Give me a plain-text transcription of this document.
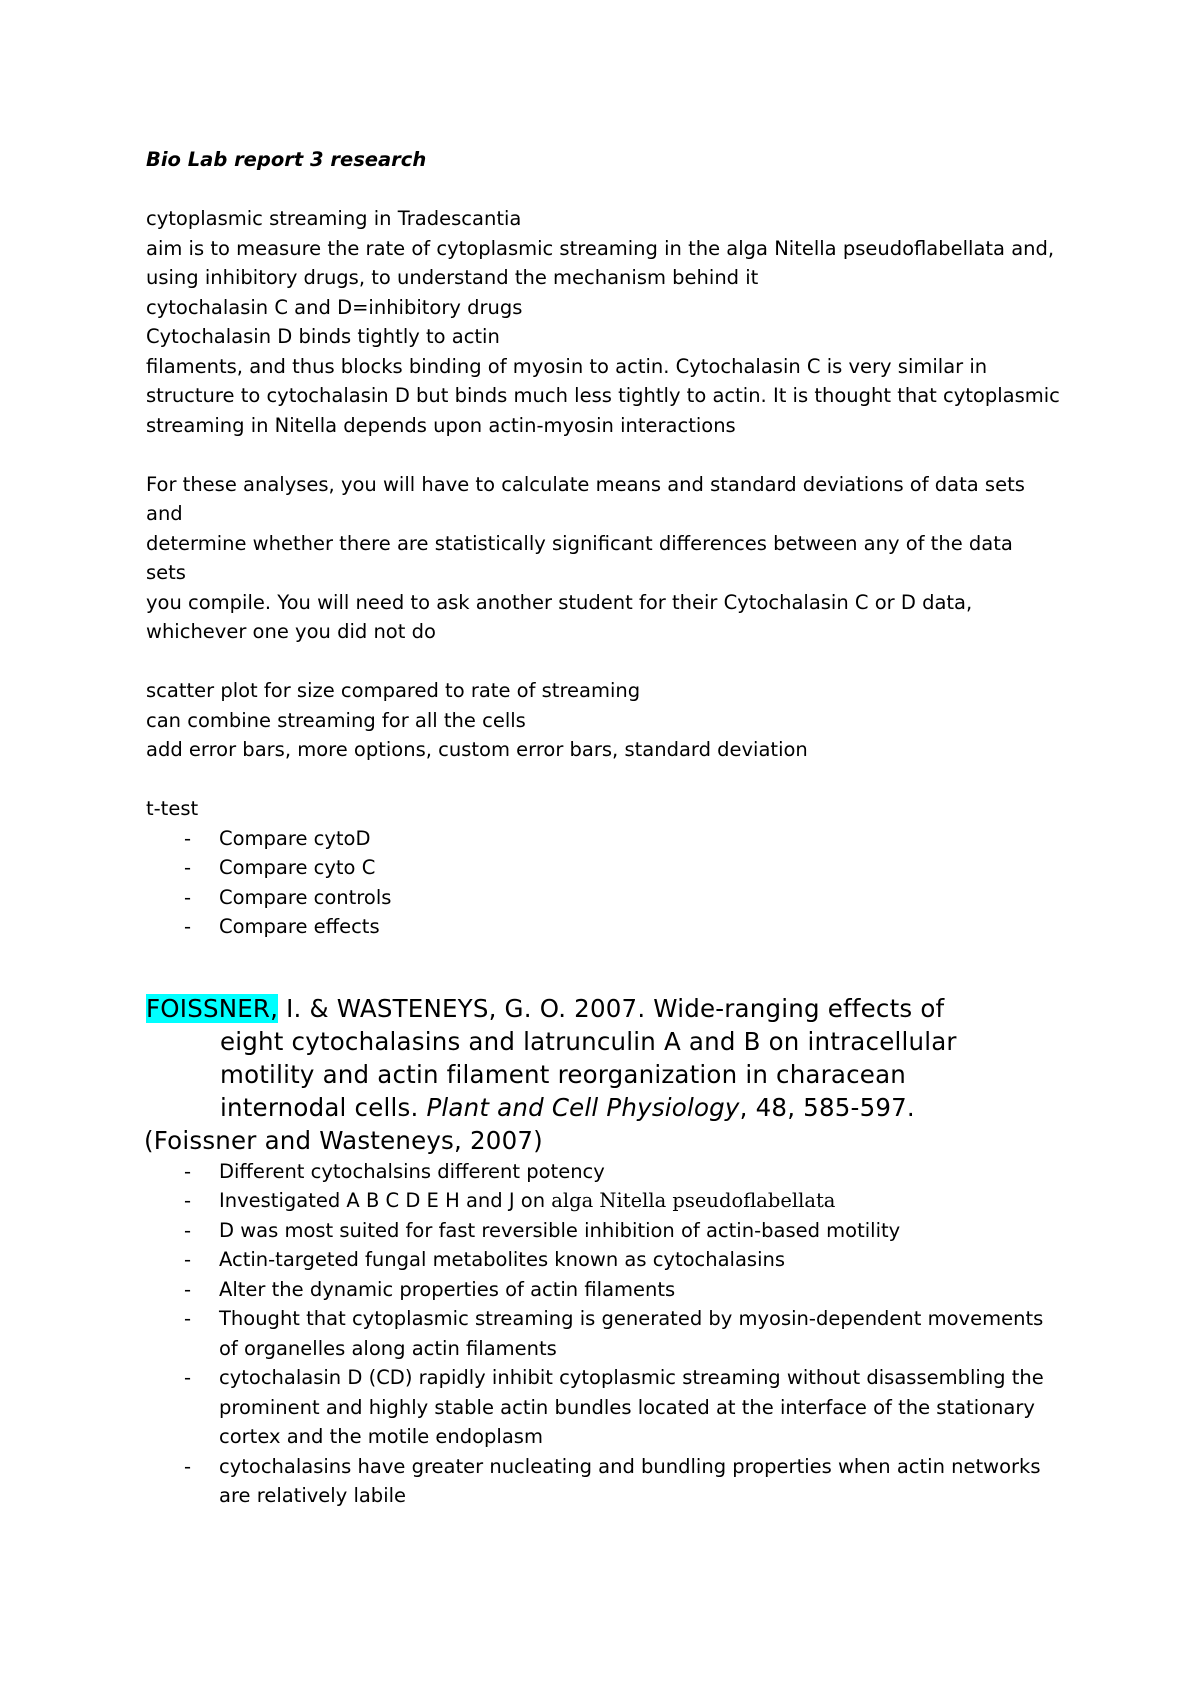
Bio Lab report 3 research

cytoplasmic streaming in Tradescantia
aim is to measure the rate of cytoplasmic streaming in the alga Nitella pseudoflabellata and,
using inhibitory drugs, to understand the mechanism behind it
cytochalasin C and D=inhibitory drugs
Cytochalasin D binds tightly to actin
filaments, and thus blocks binding of myosin to actin. Cytochalasin C is very similar in
structure to cytochalasin D but binds much less tightly to actin. It is thought that cytoplasmic
streaming in Nitella depends upon actin-myosin interactions
For these analyses, you will have to calculate means and standard deviations of data sets
and
determine whether there are statistically significant differences between any of the data
sets
you compile. You will need to ask another student for their Cytochalasin C or D data,
whichever one you did not do
scatter plot for size compared to rate of streaming
can combine streaming for all the cells
add error bars, more options, custom error bars, standard deviation
t-test
- Compare cytoD
- Compare cyto C
- Compare controls
- Compare effects
FOISSNER, I. & WASTENEYS, G. O. 2007. Wide-ranging effects of
eight cytochalasins and latrunculin A and B on intracellular
motility and actin filament reorganization in characean
internodal cells. Plant and Cell Physiology, 48, 585-597.
(Foissner and Wasteneys, 2007)
- Different cytochalsins different potency
- Investigated A B C D E H and J on alga Nitella pseudoflabellata
- D was most suited for fast reversible inhibition of actin-based motility
- Actin-targeted fungal metabolites known as cytochalasins
- Alter the dynamic properties of actin filaments
- Thought that cytoplasmic streaming is generated by myosin-dependent movements
of organelles along actin filaments
- cytochalasin D (CD) rapidly inhibit cytoplasmic streaming without disassembling the
prominent and highly stable actin bundles located at the interface of the stationary
cortex and the motile endoplasm
- cytochalasins have greater nucleating and bundling properties when actin networks
are relatively labile
